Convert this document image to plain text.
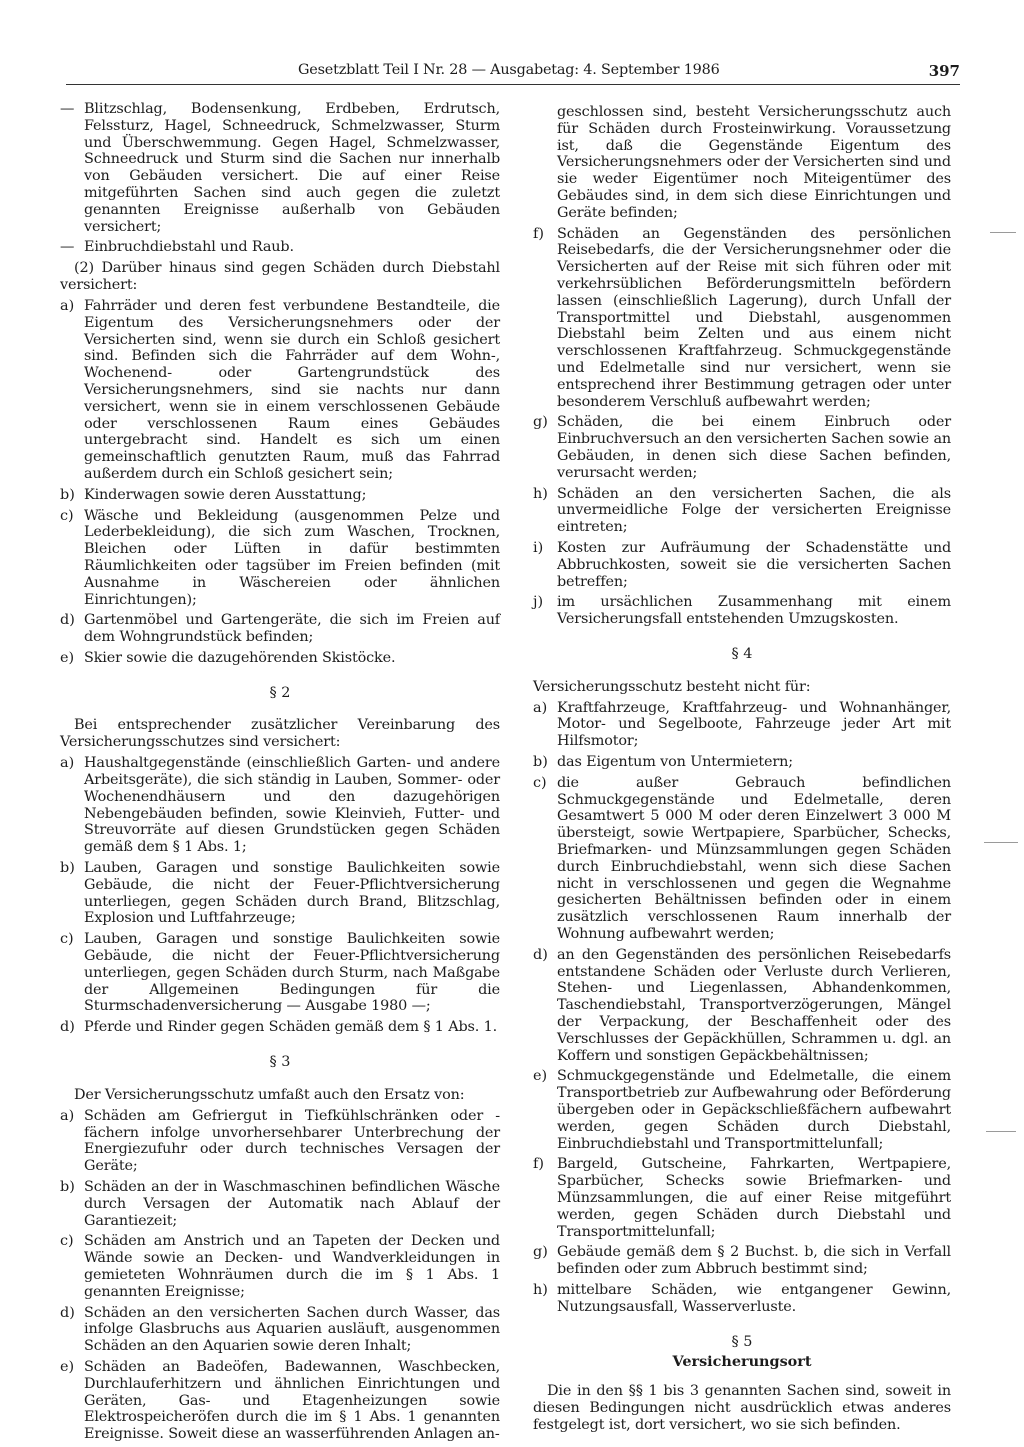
Gesetzblatt Teil I Nr. 28 — Ausgabetag: 4. September 1986	397
— Blitzschlag, Bodensenkung, Erdbeben, Erdrutsch, Felssturz, Hagel, Schneedruck, Schmelzwasser, Sturm und Überschwemmung. Gegen Hagel, Schmelzwasser, Schneedruck und Sturm sind die Sachen nur innerhalb von Gebäuden versichert. Die auf einer Reise mitgeführten Sachen sind auch gegen die zuletzt genannten Ereignisse außerhalb von Gebäuden versichert;
— Einbruchdiebstahl und Raub.

(2) Darüber hinaus sind gegen Schäden durch Diebstahl versichert:

a) Fahrräder und deren fest verbundene Bestandteile, die Eigentum des Versicherungsnehmers oder der Versicherten sind, wenn sie durch ein Schloß gesichert sind. Befinden sich die Fahrräder auf dem Wohn-, Wochenend- oder Gartengrundstück des Versicherungsnehmers, sind sie nachts nur dann versichert, wenn sie in einem verschlossenen Gebäude oder verschlossenen Raum eines Gebäudes untergebracht sind. Handelt es sich um einen gemeinschaftlich genutzten Raum, muß das Fahrrad außerdem durch ein Schloß gesichert sein;
b) Kinderwagen sowie deren Ausstattung;
c) Wäsche und Bekleidung (ausgenommen Pelze und Lederbekleidung), die sich zum Waschen, Trocknen, Bleichen oder Lüften in dafür bestimmten Räumlichkeiten oder tagsüber im Freien befinden (mit Ausnahme in Wäschereien oder ähnlichen Einrichtungen);
d) Gartenmöbel und Gartengeräte, die sich im Freien auf dem Wohngrundstück befinden;
e) Skier sowie die dazugehörenden Skistöcke.
§ 2

Bei entsprechender zusätzlicher Vereinbarung des Versicherungsschutzes sind versichert:

a) Haushaltgegenstände (einschließlich Garten- und andere Arbeitsgeräte), die sich ständig in Lauben, Sommer- oder Wochenendhäusern und den dazugehörigen Nebengebäuden befinden, sowie Kleinvieh, Futter- und Streuvorräte auf diesen Grundstücken gegen Schäden gemäß dem § 1 Abs. 1;
b) Lauben, Garagen und sonstige Baulichkeiten sowie Gebäude, die nicht der Feuer-Pflichtversicherung unterliegen, gegen Schäden durch Brand, Blitzschlag, Explosion und Luftfahrzeuge;
c) Lauben, Garagen und sonstige Baulichkeiten sowie Gebäude, die nicht der Feuer-Pflichtversicherung unterliegen, gegen Schäden durch Sturm, nach Maßgabe der Allgemeinen Bedingungen für die Sturmschadenversicherung — Ausgabe 1980 —;
d) Pferde und Rinder gegen Schäden gemäß dem § 1 Abs. 1.
§ 3

Der Versicherungsschutz umfaßt auch den Ersatz von:

a) Schäden am Gefriergut in Tiefkühlschränken oder -fächern infolge unvorhersehbarer Unterbrechung der Energiezufuhr oder durch technisches Versagen der Geräte;
b) Schäden an der in Waschmaschinen befindlichen Wäsche durch Versagen der Automatik nach Ablauf der Garantiezeit;
c) Schäden am Anstrich und an Tapeten der Decken und Wände sowie an Decken- und Wandverkleidungen in gemieteten Wohnräumen durch die im § 1 Abs. 1 genannten Ereignisse;
d) Schäden an den versicherten Sachen durch Wasser, das infolge Glasbruchs aus Aquarien ausläuft, ausgenommen Schäden an den Aquarien sowie deren Inhalt;
e) Schäden an Badeöfen, Badewannen, Waschbecken, Durchlauferhitzern und ähnlichen Einrichtungen und Geräten, Gas- und Etagenheizungen sowie Elektrospeicheröfen durch die im § 1 Abs. 1 genannten Ereignisse. Soweit diese an wasserführenden Anlagen an-
geschlossen sind, besteht Versicherungsschutz auch für Schäden durch Frosteinwirkung. Voraussetzung ist, daß die Gegenstände Eigentum des Versicherungsnehmers oder der Versicherten sind und sie weder Eigentümer noch Miteigentümer des Gebäudes sind, in dem sich diese Einrichtungen und Geräte befinden;
f) Schäden an Gegenständen des persönlichen Reisebedarfs, die der Versicherungsnehmer oder die Versicherten auf der Reise mit sich führen oder mit verkehrsüblichen Beförderungsmitteln befördern lassen (einschließlich Lagerung), durch Unfall der Transportmittel und Diebstahl, ausgenommen Diebstahl beim Zelten und aus einem nicht verschlossenen Kraftfahrzeug. Schmuckgegenstände und Edelmetalle sind nur versichert, wenn sie entsprechend ihrer Bestimmung getragen oder unter besonderem Verschluß aufbewahrt werden;
g) Schäden, die bei einem Einbruch oder Einbruchversuch an den versicherten Sachen sowie an Gebäuden, in denen sich diese Sachen befinden, verursacht werden;
h) Schäden an den versicherten Sachen, die als unvermeidliche Folge der versicherten Ereignisse eintreten;
i) Kosten zur Aufräumung der Schadenstätte und Abbruchkosten, soweit sie die versicherten Sachen betreffen;
j) im ursächlichen Zusammenhang mit einem Versicherungsfall entstehenden Umzugskosten.
§ 4

Versicherungsschutz besteht nicht für:

a) Kraftfahrzeuge, Kraftfahrzeug- und Wohnanhänger, Motor- und Segelboote, Fahrzeuge jeder Art mit Hilfsmotor;
b) das Eigentum von Untermietern;
c) die außer Gebrauch befindlichen Schmuckgegenstände und Edelmetalle, deren Gesamtwert 5 000 M oder deren Einzelwert 3 000 M übersteigt, sowie Wertpapiere, Sparbücher, Schecks, Briefmarken- und Münzsammlungen gegen Schäden durch Einbruchdiebstahl, wenn sich diese Sachen nicht in verschlossenen und gegen die Wegnahme gesicherten Behältnissen befinden oder in einem zusätzlich verschlossenen Raum innerhalb der Wohnung aufbewahrt werden;
d) an den Gegenständen des persönlichen Reisebedarfs entstandene Schäden oder Verluste durch Verlieren, Stehen- und Liegenlassen, Abhandenkommen, Taschendiebstahl, Transportverzögerungen, Mängel der Verpackung, der Beschaffenheit oder des Verschlusses der Gepäckhüllen, Schrammen u. dgl. an Koffern und sonstigen Gepäckbehältnissen;
e) Schmuckgegenstände und Edelmetalle, die einem Transportbetrieb zur Aufbewahrung oder Beförderung übergeben oder in Gepäckschließfächern aufbewahrt werden, gegen Schäden durch Diebstahl, Einbruchdiebstahl und Transportmittelunfall;
f) Bargeld, Gutscheine, Fahrkarten, Wertpapiere, Sparbücher, Schecks sowie Briefmarken- und Münzsammlungen, die auf einer Reise mitgeführt werden, gegen Schäden durch Diebstahl und Transportmittelunfall;
g) Gebäude gemäß dem § 2 Buchst. b, die sich in Verfall befinden oder zum Abbruch bestimmt sind;
h) mittelbare Schäden, wie entgangener Gewinn, Nutzungsausfall, Wasserverluste.
§ 5
Versicherungsort

Die in den §§ 1 bis 3 genannten Sachen sind, soweit in diesen Bedingungen nicht ausdrücklich etwas anderes festgelegt ist, dort versichert, wo sie sich befinden.
